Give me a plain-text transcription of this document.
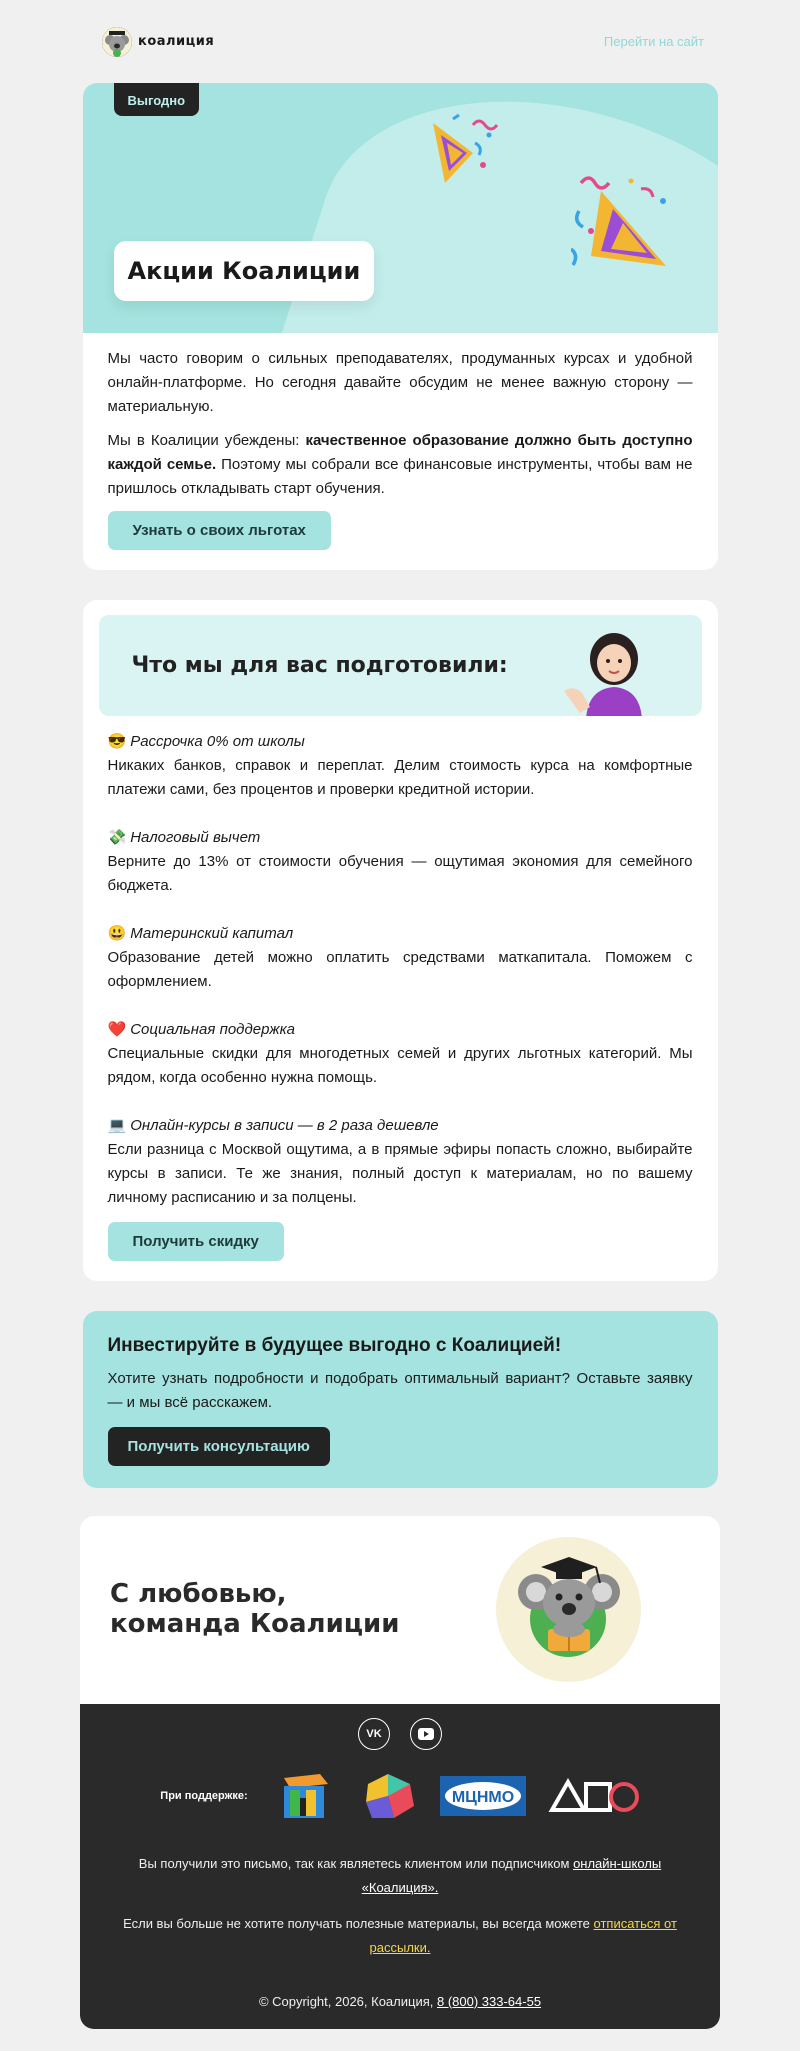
коалиция	Перейти на сайт
Выгодно
Акции Коалиции

Мы часто говорим о сильных преподавателях, продуманных курсах и удобной онлайн-платформе. Но сегодня давайте обсудим не менее важную сторону — материальную.

Мы в Коалиции убеждены: качественное образование должно быть доступно каждой семье. Поэтому мы собрали все финансовые инструменты, чтобы вам не пришлось откладывать старт обучения.

Узнать о своих льготах
Что мы для вас подготовили:
😎 Рассрочка 0% от школы
Никаких банков, справок и переплат. Делим стоимость курса на комфортные платежи сами, без процентов и проверки кредитной истории.
💸 Налоговый вычет
Верните до 13% от стоимости обучения — ощутимая экономия для семейного бюджета.
😃 Материнский капитал
Образование детей можно оплатить средствами маткапитала. Поможем с оформлением.
❤️ Социальная поддержка
Специальные скидки для многодетных семей и других льготных категорий. Мы рядом, когда особенно нужна помощь.
💻 Онлайн-курсы в записи — в 2 раза дешевле
Если разница с Москвой ощутима, а в прямые эфиры попасть сложно, выбирайте курсы в записи. Те же знания, полный доступ к материалам, но по вашему личному расписанию и за полцены.
Получить скидку
Инвестируйте в будущее выгодно с Коалицией!

Хотите узнать подробности и подобрать оптимальный вариант? Оставьте заявку — и мы всё расскажем.

Получить консультацию
С любовью,
команда Коалиции
VK
При поддержке:	МЦНМО

Вы получили это письмо, так как являетесь клиентом или подписчиком онлайн-школы «Коалиция».

Если вы больше не хотите получать полезные материалы, вы всегда можете отписаться от рассылки.

© Copyright, 2026, Коалиция, 8 (800) 333-64-55
